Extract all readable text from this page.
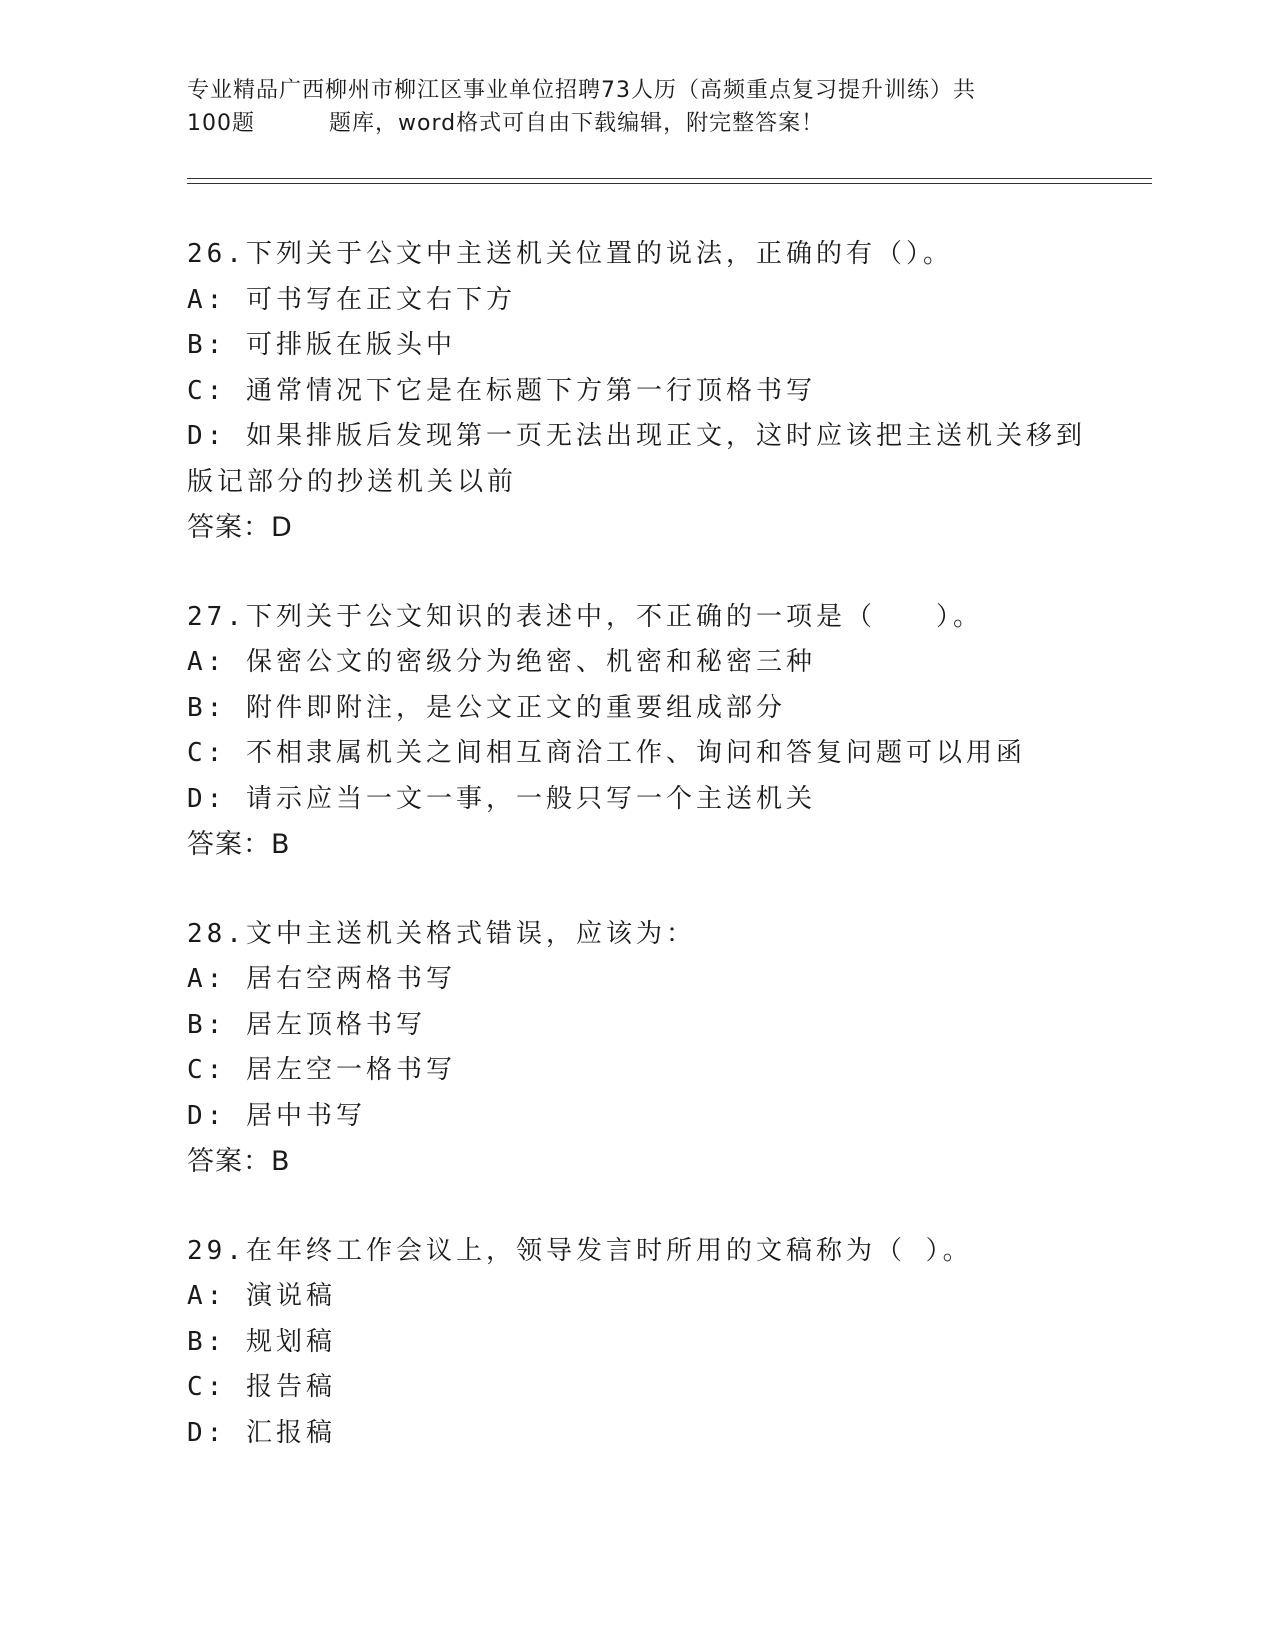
专业精品广西柳州市柳江区事业单位招聘73人历（高频重点复习提升训练）共
100题	题库，word格式可自由下载编辑，附完整答案！
26.下列关于公文中主送机关位置的说法，正确的有（）。
A: 可书写在正文右下方
B: 可排版在版头中
C: 通常情况下它是在标题下方第一行顶格书写
D: 如果排版后发现第一页无法出现正文，这时应该把主送机关移到版记部分的抄送机关以前
答案：D
27.下列关于公文知识的表述中，不正确的一项是（　　）。
A: 保密公文的密级分为绝密、机密和秘密三种
B: 附件即附注，是公文正文的重要组成部分
C: 不相隶属机关之间相互商洽工作、询问和答复问题可以用函
D: 请示应当一文一事，一般只写一个主送机关
答案：B
28.文中主送机关格式错误，应该为：
A: 居右空两格书写
B: 居左顶格书写
C: 居左空一格书写
D: 居中书写
答案：B
29.在年终工作会议上，领导发言时所用的文稿称为（ ）。
A: 演说稿
B: 规划稿
C: 报告稿
D: 汇报稿
